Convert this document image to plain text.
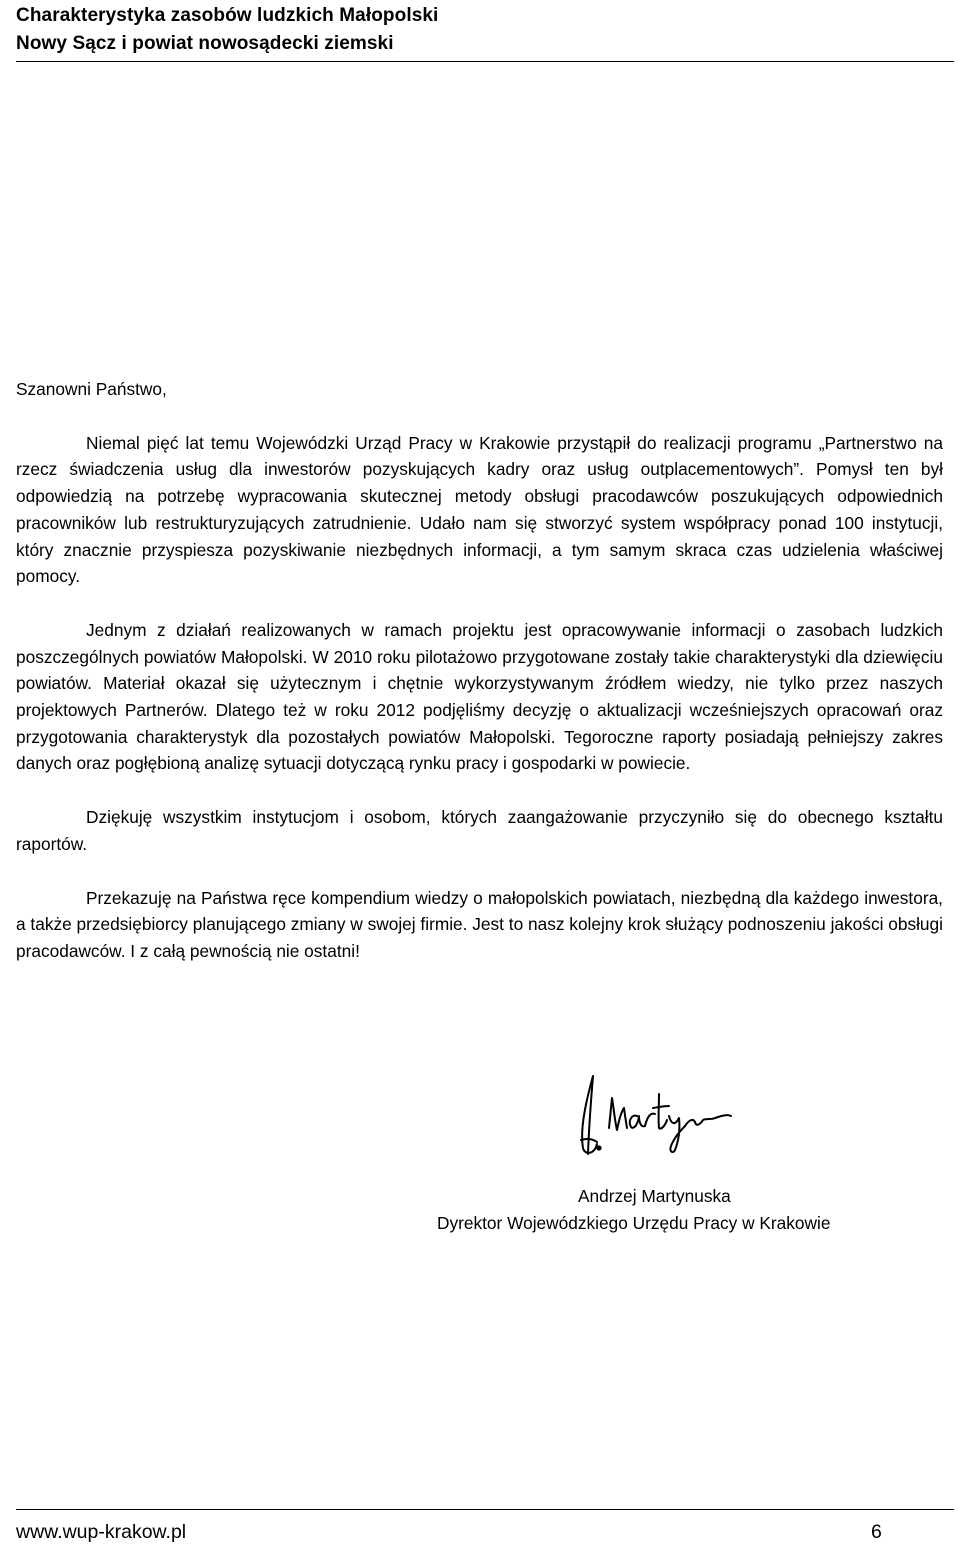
Charakterystyka zasobów ludzkich Małopolski
Nowy Sącz i powiat nowosądecki ziemski

Szanowni Państwo,

Niemal pięć lat temu Wojewódzki Urząd Pracy w Krakowie przystąpił do realizacji programu „Partnerstwo na rzecz świadczenia usług dla inwestorów pozyskujących kadry oraz usług outplacementowych”. Pomysł ten był odpowiedzią na potrzebę wypracowania skutecznej metody obsługi pracodawców poszukujących odpowiednich pracowników lub restrukturyzujących zatrudnienie. Udało nam się stworzyć system współpracy ponad 100 instytucji, który znacznie przyspiesza pozyskiwanie niezbędnych informacji, a tym samym skraca czas udzielenia właściwej pomocy.

Jednym z działań realizowanych w ramach projektu jest opracowywanie informacji o zasobach ludzkich poszczególnych powiatów Małopolski. W 2010 roku pilotażowo przygotowane zostały takie charakterystyki dla dziewięciu powiatów. Materiał okazał się użytecznym i chętnie wykorzystywanym źródłem wiedzy, nie tylko przez naszych projektowych Partnerów. Dlatego też w roku 2012 podjęliśmy decyzję o aktualizacji wcześniejszych opracowań oraz przygotowania charakterystyk dla pozostałych powiatów Małopolski. Tegoroczne raporty posiadają pełniejszy zakres danych oraz pogłębioną analizę sytuacji dotyczącą rynku pracy i gospodarki w powiecie.

Dziękuję wszystkim instytucjom i osobom, których zaangażowanie przyczyniło się do obecnego kształtu raportów.

Przekazuję na Państwa ręce kompendium wiedzy o małopolskich powiatach, niezbędną dla każdego inwestora, a także przedsiębiorcy planującego zmiany w swojej firmie. Jest to nasz kolejny krok służący podnoszeniu jakości obsługi pracodawców. I z całą pewnością nie ostatni!

Andrzej Martynuska
Dyrektor Wojewódzkiego Urzędu Pracy w Krakowie
www.wup-krakow.pl	6
